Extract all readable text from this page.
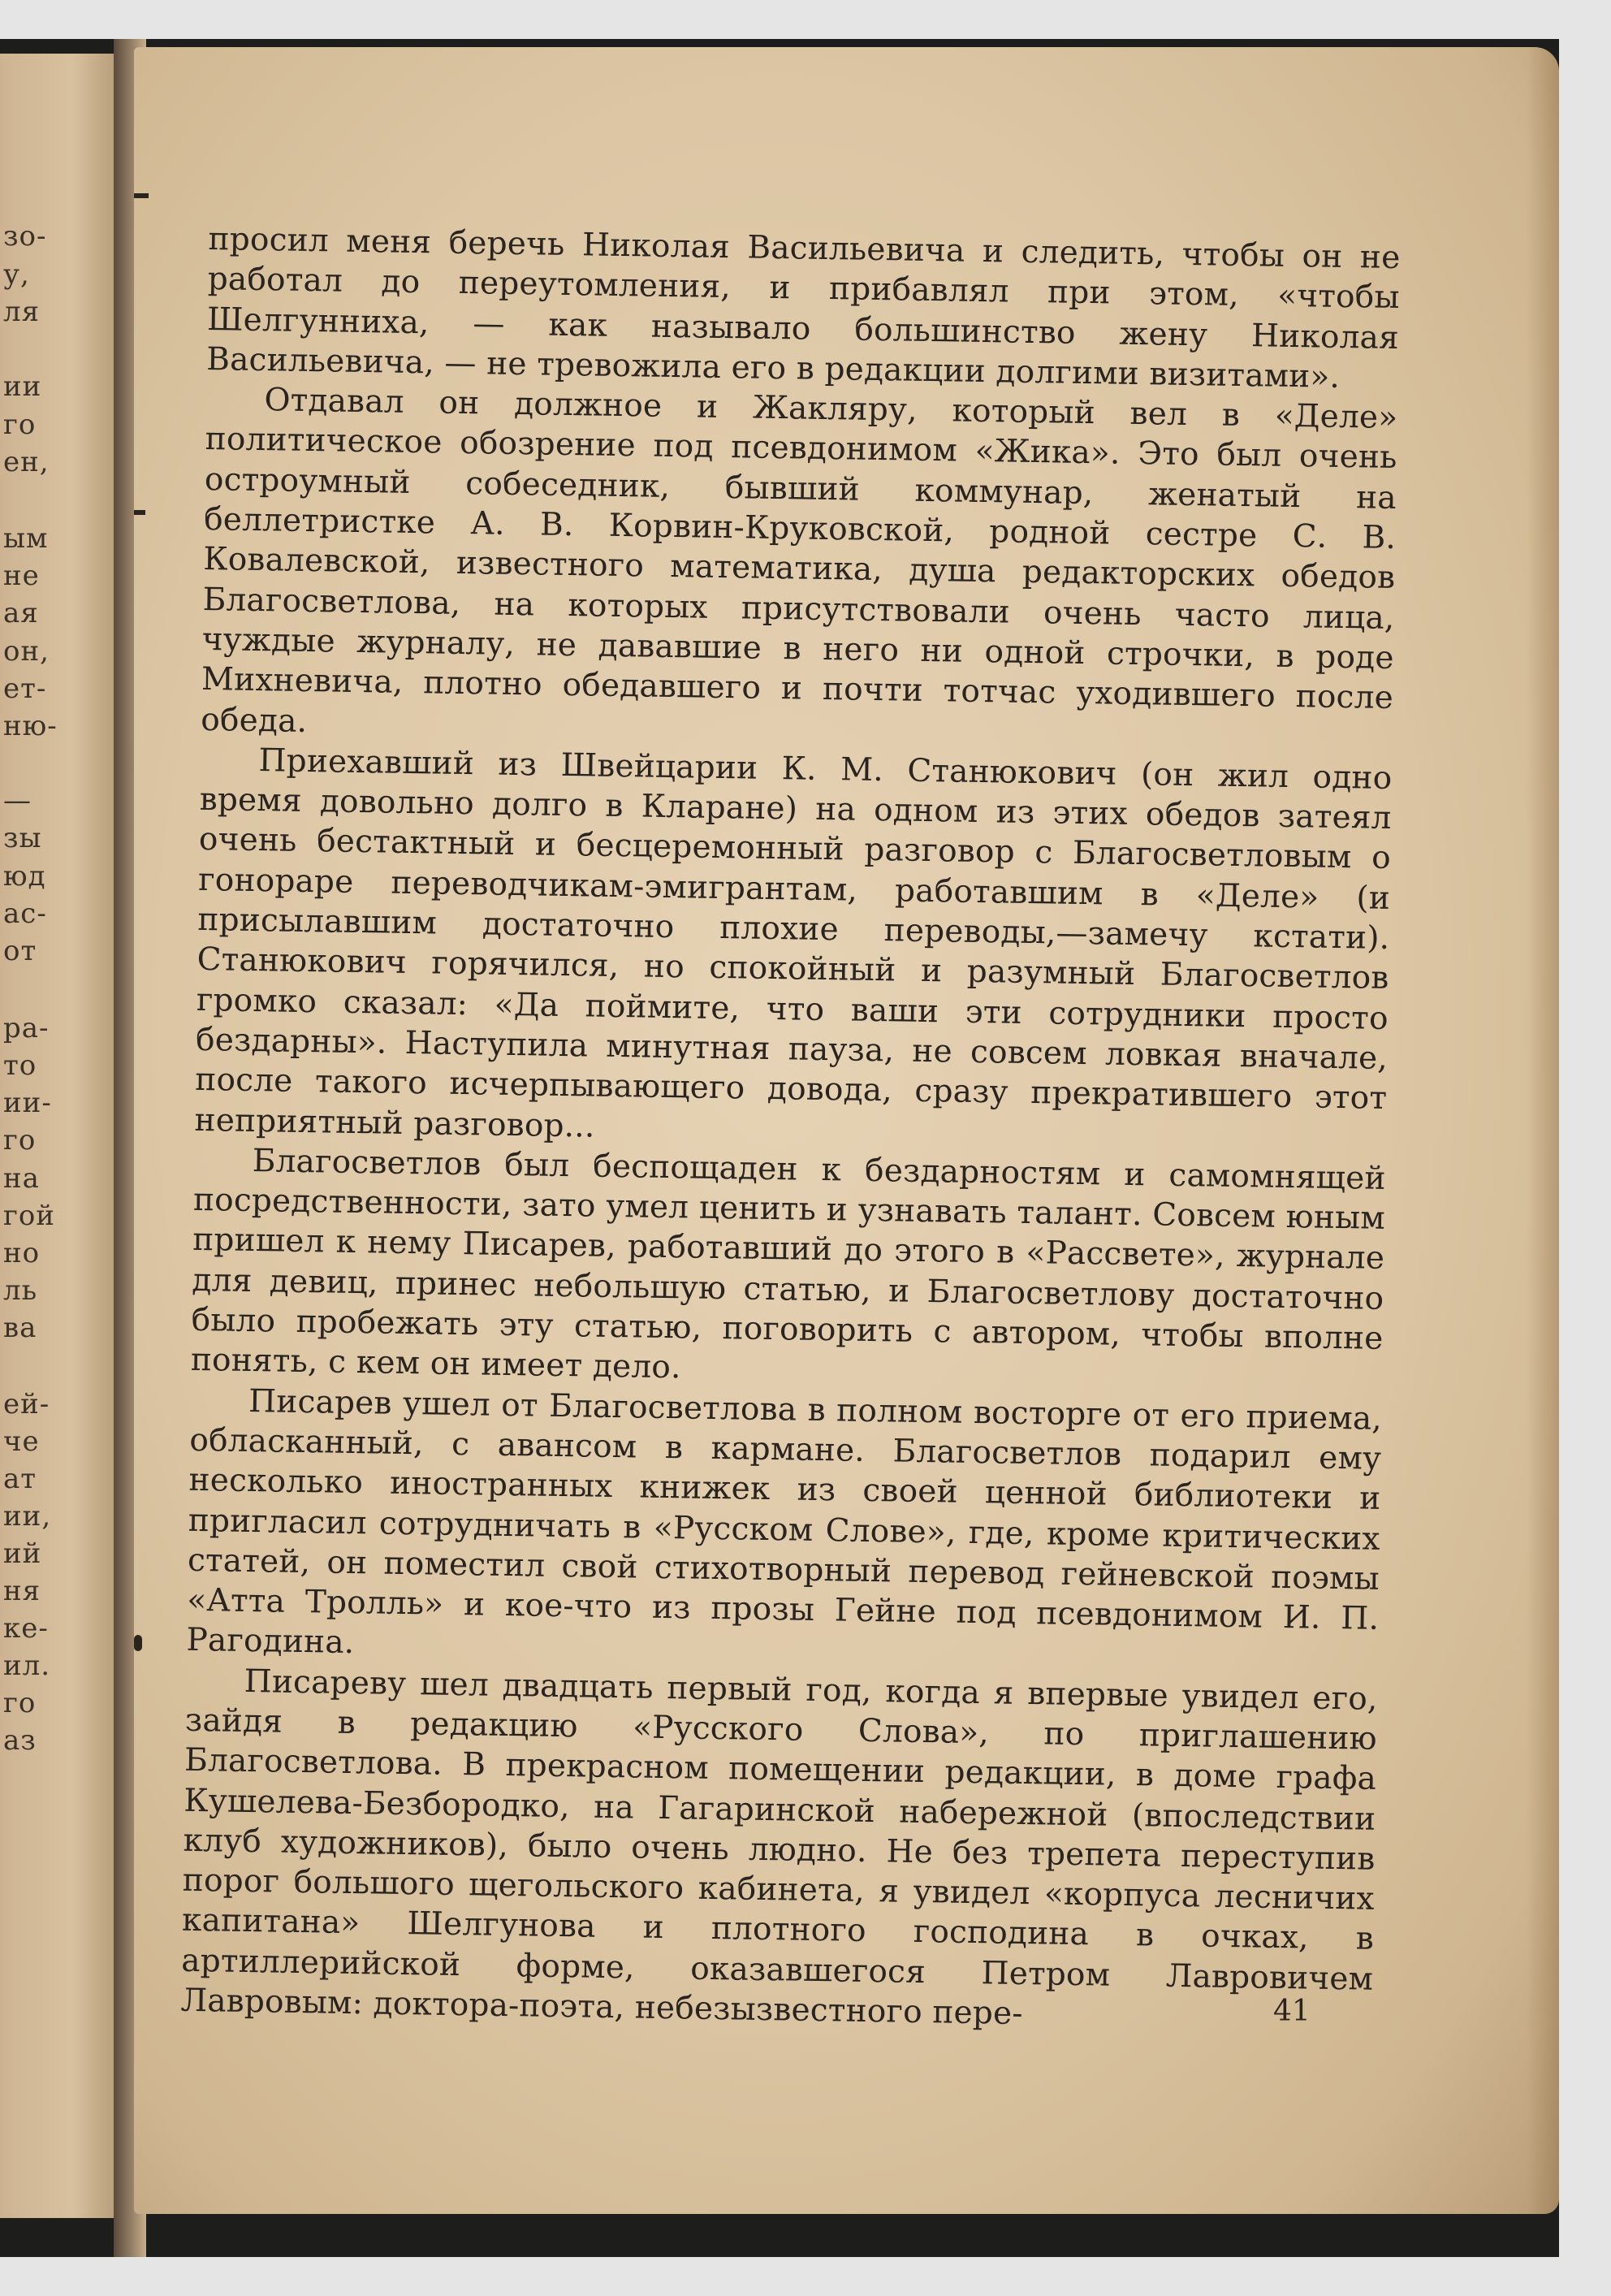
зо-
у,
ля
ии
го
ен,
ым
не
ая
он,
ет-
ню-
—
зы
юд
ас-
от
ра-
то
ии-
го
на
гой
но
ль
ва
ей-
че
ат
ии,
ий
ня
ке-
ил.
го
аз

просил меня беречь Николая Васильевича и следить, чтобы он не работал до переутомления, и прибавлял при этом, «чтобы Шелгунниха, — как называло большинство жену Николая Васильевича, — не тревожила его в редакции долгими визитами».

Отдавал он должное и Жакляру, который вел в «Деле» политическое обозрение под псевдонимом «Жика». Это был очень остроумный собеседник, бывший коммунар, женатый на беллетристке А. В. Корвин-Круковской, родной сестре С. В. Ковалевской, известного математика, душа редакторских обедов Благосветлова, на которых присутствовали очень часто лица, чуждые журналу, не дававшие в него ни одной строчки, в роде Михневича, плотно обедавшего и почти тотчас уходившего после обеда.

Приехавший из Швейцарии К. М. Станюкович (он жил одно время довольно долго в Кларане) на одном из этих обедов затеял очень бестактный и бесцеремонный разговор с Благосветловым о гонораре переводчикам-эмигрантам, работавшим в «Деле» (и присылавшим достаточно плохие переводы,—замечу кстати). Станюкович горячился, но спокойный и разумный Благосветлов громко сказал: «Да поймите, что ваши эти сотрудники просто бездарны». Наступила минутная пауза, не совсем ловкая вначале, после такого исчерпывающего довода, сразу прекратившего этот неприятный разговор...

Благосветлов был беспощаден к бездарностям и самомнящей посредственности, зато умел ценить и узнавать талант. Совсем юным пришел к нему Писарев, работавший до этого в «Рассвете», журнале для девиц, принес небольшую статью, и Благосветлову достаточно было пробежать эту статью, поговорить с автором, чтобы вполне понять, с кем он имеет дело.

Писарев ушел от Благосветлова в полном восторге от его приема, обласканный, с авансом в кармане. Благосветлов подарил ему несколько иностранных книжек из своей ценной библиотеки и пригласил сотрудничать в «Русском Слове», где, кроме критических статей, он поместил свой стихотворный перевод гейневской поэмы «Атта Тролль» и кое-что из прозы Гейне под псевдонимом И. П. Рагодина.

Писареву шел двадцать первый год, когда я впервые увидел его, зайдя в редакцию «Русского Слова», по приглашению Благосветлова. В прекрасном помещении редакции, в доме графа Кушелева-Безбородко, на Гагаринской набережной (впоследствии клуб художников), было очень людно. Не без трепета переступив порог большого щегольского кабинета, я увидел «корпуса лесничих капитана» Шелгунова и плотного господина в очках, в артиллерийской форме, оказавшегося Петром Лавровичем Лавровым: доктора-поэта, небезызвестного пере-	41
